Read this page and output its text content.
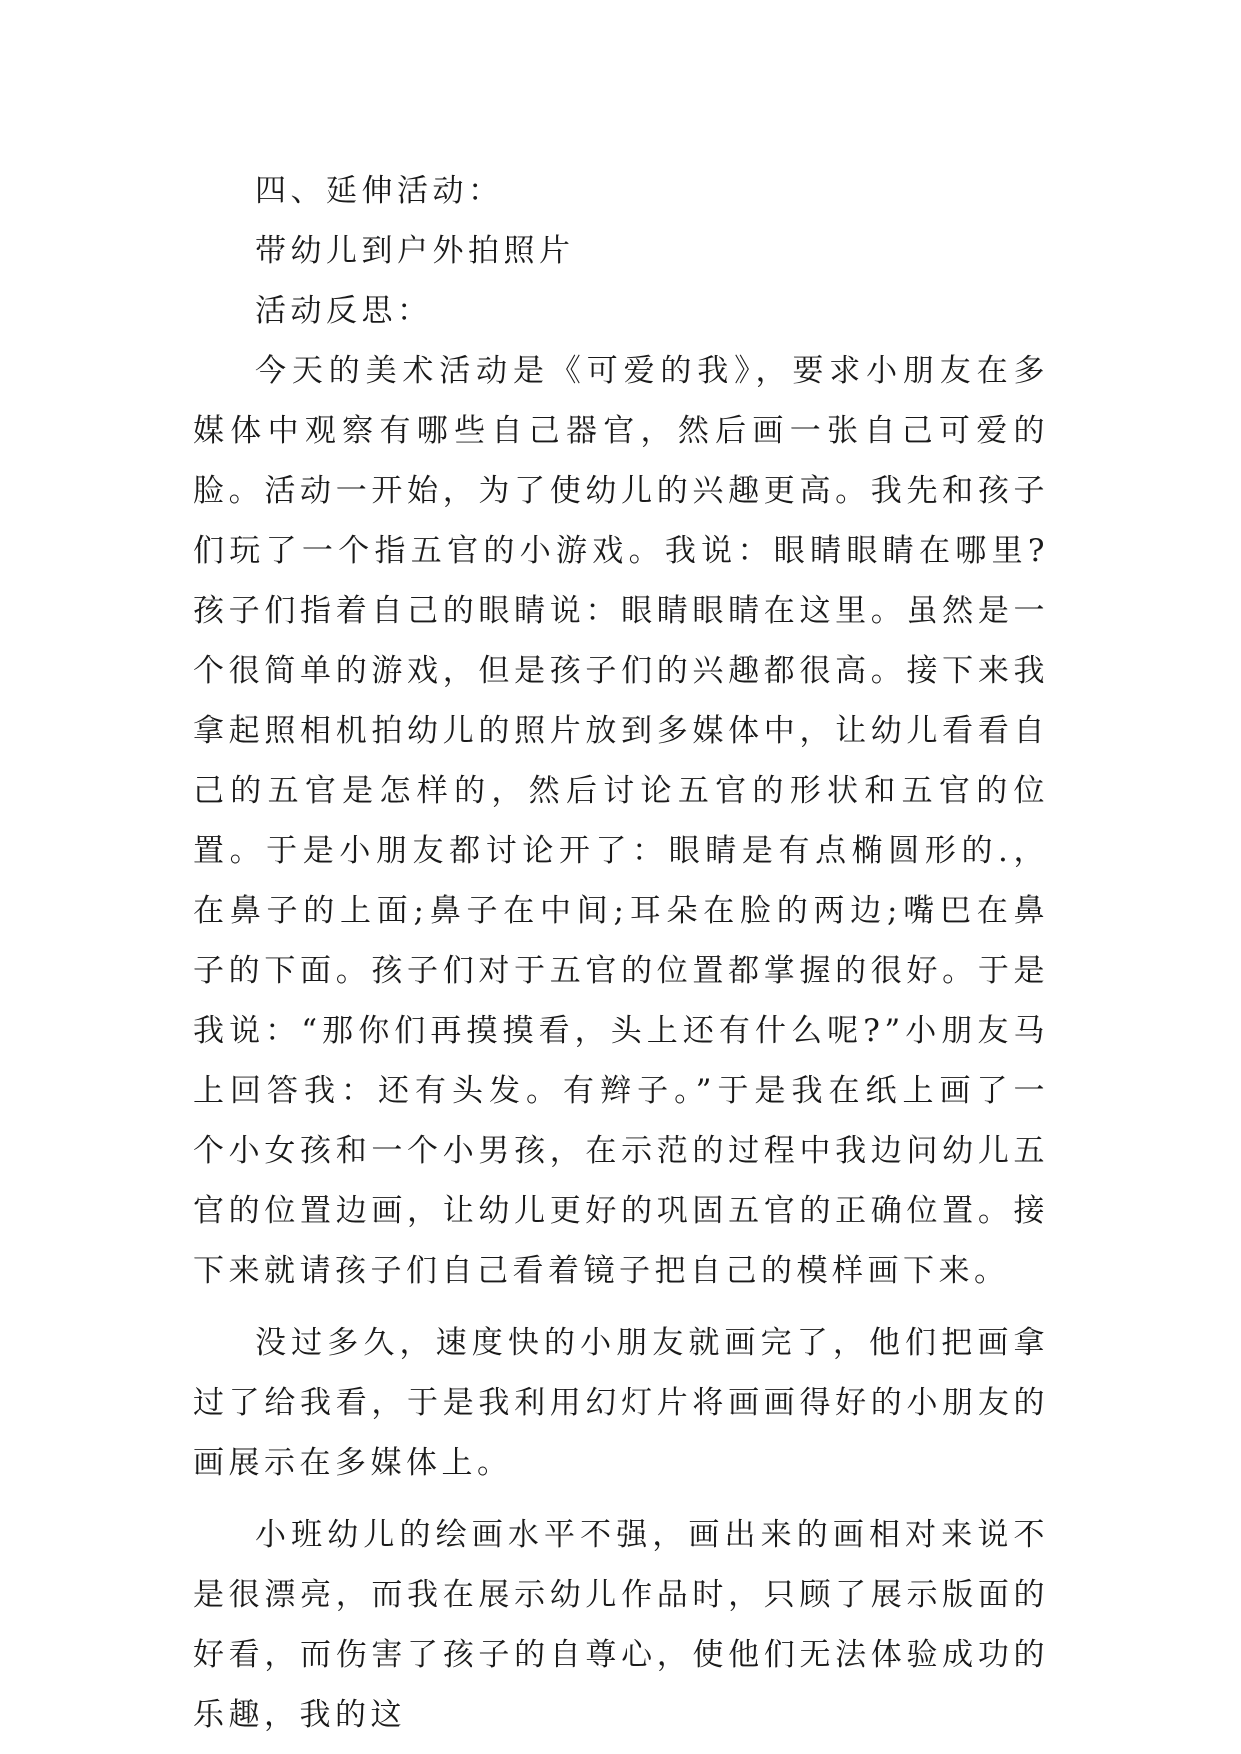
四、延伸活动：

带幼儿到户外拍照片

活动反思：

今天的美术活动是《可爱的我》，要求小朋友在多媒体中观察有哪些自己器官，然后画一张自己可爱的脸。活动一开始，为了使幼儿的兴趣更高。我先和孩子们玩了一个指五官的小游戏。我说：眼睛眼睛在哪里?孩子们指着自己的眼睛说：眼睛眼睛在这里。虽然是一个很简单的游戏，但是孩子们的兴趣都很高。接下来我拿起照相机拍幼儿的照片放到多媒体中，让幼儿看看自己的五官是怎样的，然后讨论五官的形状和五官的位置。于是小朋友都讨论开了：眼睛是有点椭圆形的.，在鼻子的上面;鼻子在中间;耳朵在脸的两边;嘴巴在鼻子的下面。孩子们对于五官的位置都掌握的很好。于是我说：“那你们再摸摸看，头上还有什么呢?”小朋友马上回答我：还有头发。有辫子。”于是我在纸上画了一个小女孩和一个小男孩，在示范的过程中我边问幼儿五官的位置边画，让幼儿更好的巩固五官的正确位置。接下来就请孩子们自己看着镜子把自己的模样画下来。

没过多久，速度快的小朋友就画完了，他们把画拿过了给我看，于是我利用幻灯片将画画得好的小朋友的画展示在多媒体上。

小班幼儿的绘画水平不强，画出来的画相对来说不是很漂亮，而我在展示幼儿作品时，只顾了展示版面的好看，而伤害了孩子的自尊心，使他们无法体验成功的乐趣，我的这
